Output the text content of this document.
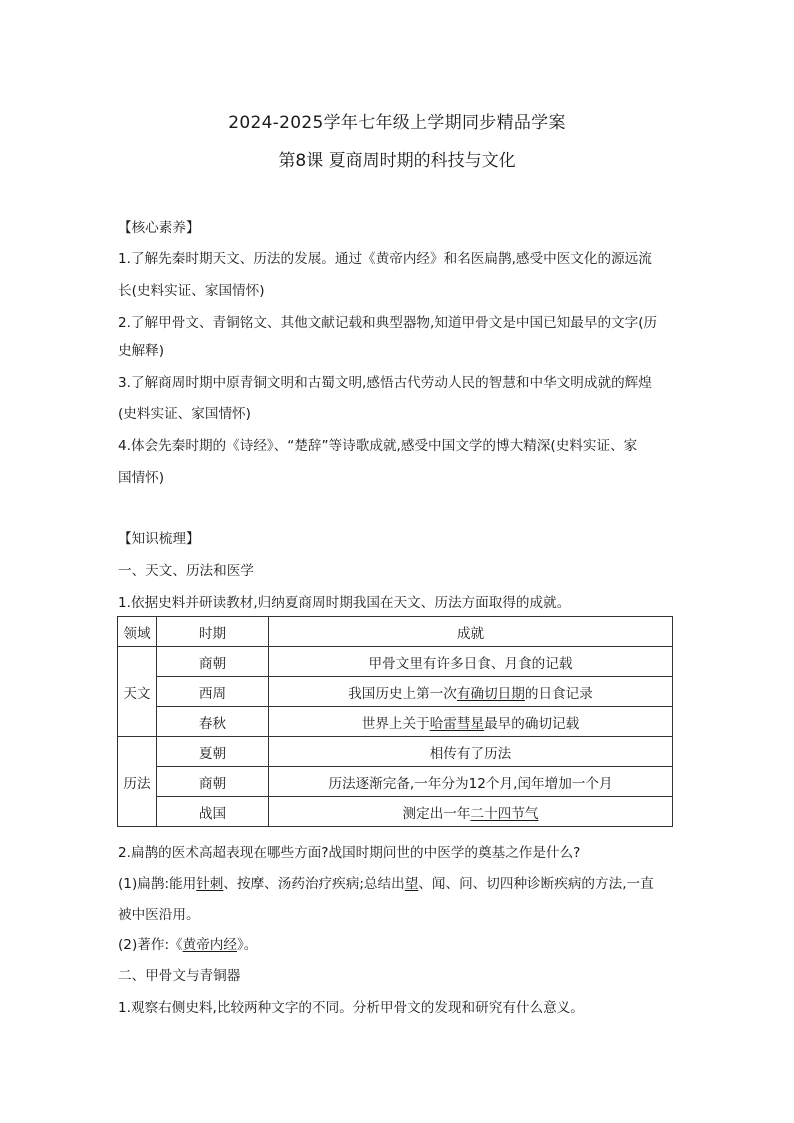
2024-2025学年七年级上学期同步精品学案
第8课 夏商周时期的科技与文化
【核心素养】
1.了解先秦时期天文、历法的发展。通过《黄帝内经》和名医扁鹊,感受中医文化的源远流
长(史料实证、家国情怀)
2.了解甲骨文、青铜铭文、其他文献记载和典型器物,知道甲骨文是中国已知最早的文字(历
史解释)
3.了解商周时期中原青铜文明和古蜀文明,感悟古代劳动人民的智慧和中华文明成就的辉煌
(史料实证、家国情怀)
4.体会先秦时期的《诗经》、“楚辞”等诗歌成就,感受中国文学的博大精深(史料实证、家
国情怀)
【知识梳理】
一、天文、历法和医学
1.依据史料并研读教材,归纳夏商周时期我国在天文、历法方面取得的成就。
领域	时期	成就
天文	商朝	甲骨文里有许多日食、月食的记载
	西周	我国历史上第一次有确切日期的日食记录
	春秋	世界上关于哈雷彗星最早的确切记载
历法	夏朝	相传有了历法
	商朝	历法逐渐完备,一年分为12个月,闰年增加一个月
	战国	测定出一年二十四节气
2.扁鹊的医术高超表现在哪些方面?战国时期问世的中医学的奠基之作是什么?
(1)扁鹊:能用针刺、按摩、汤药治疗疾病;总结出望、闻、问、切四种诊断疾病的方法,一直
被中医沿用。
(2)著作:《黄帝内经》。
二、甲骨文与青铜器
1.观察右侧史料,比较两种文字的不同。分析甲骨文的发现和研究有什么意义。
